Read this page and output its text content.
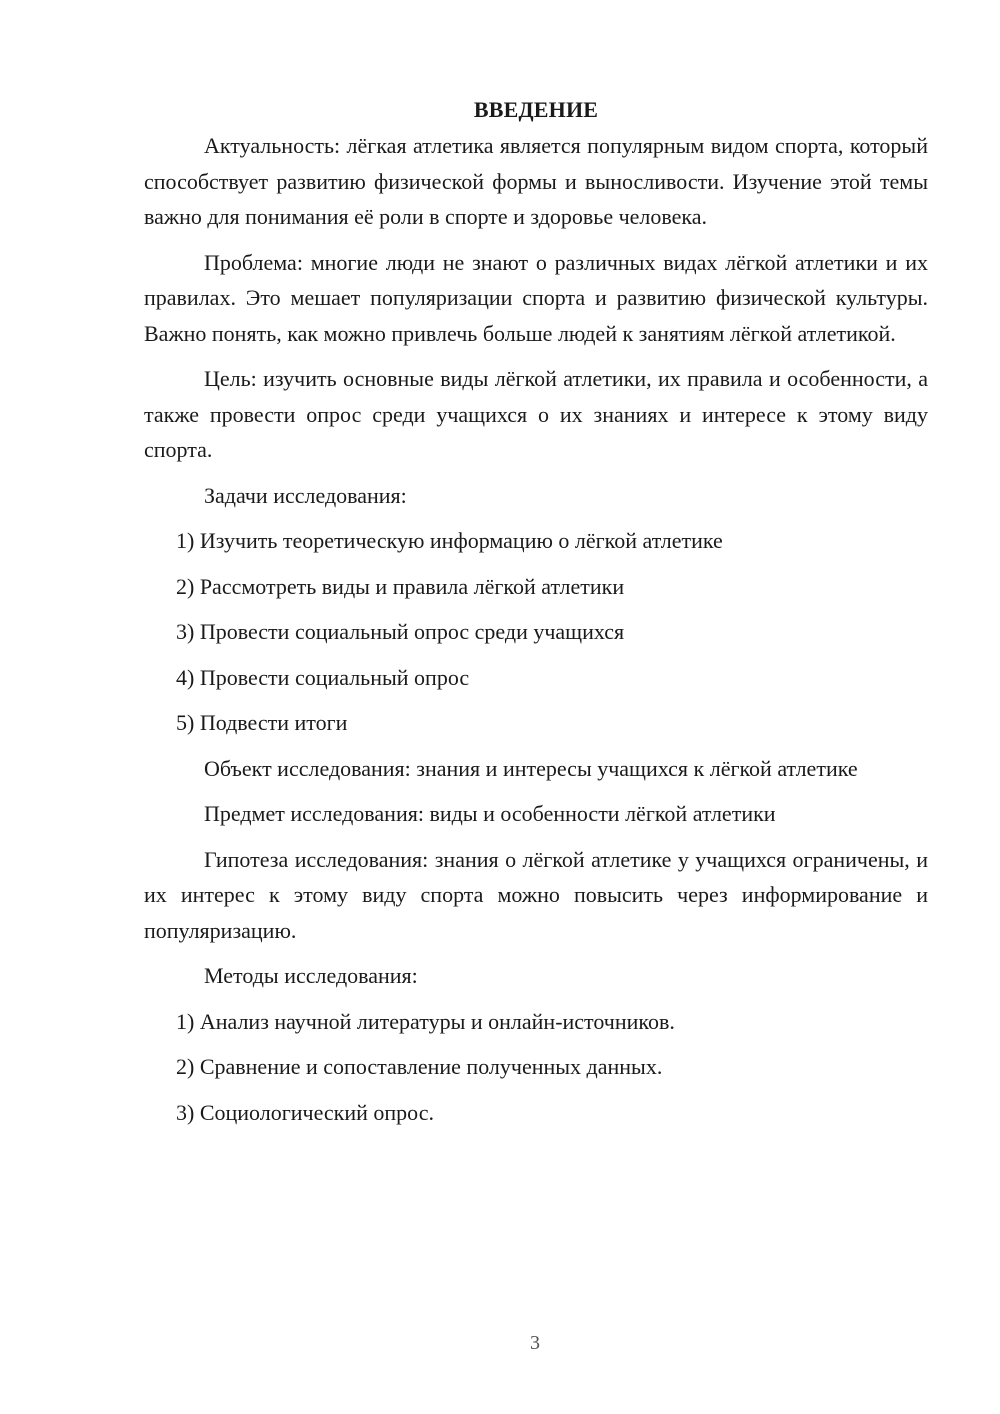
ВВЕДЕНИЕ

Актуальность: лёгкая атлетика является популярным видом спорта, который способствует развитию физической формы и выносливости. Изучение этой темы важно для понимания её роли в спорте и здоровье человека.

Проблема: многие люди не знают о различных видах лёгкой атлетики и их правилах. Это мешает популяризации спорта и развитию физической культуры. Важно понять, как можно привлечь больше людей к занятиям лёгкой атлетикой.

Цель: изучить основные виды лёгкой атлетики, их правила и особенности, а также провести опрос среди учащихся о их знаниях и интересе к этому виду спорта.

Задачи исследования:

1) Изучить теоретическую информацию о лёгкой атлетике
2) Рассмотреть виды и правила лёгкой атлетики
3) Провести социальный опрос среди учащихся
4) Провести социальный опрос
5) Подвести итоги

Объект исследования: знания и интересы учащихся к лёгкой атлетике

Предмет исследования: виды и особенности лёгкой атлетики

Гипотеза исследования: знания о лёгкой атлетике у учащихся ограничены, и их интерес к этому виду спорта можно повысить через информирование и популяризацию.

Методы исследования:

1) Анализ научной литературы и онлайн-источников.
2) Сравнение и сопоставление полученных данных.
3) Социологический опрос.
3
